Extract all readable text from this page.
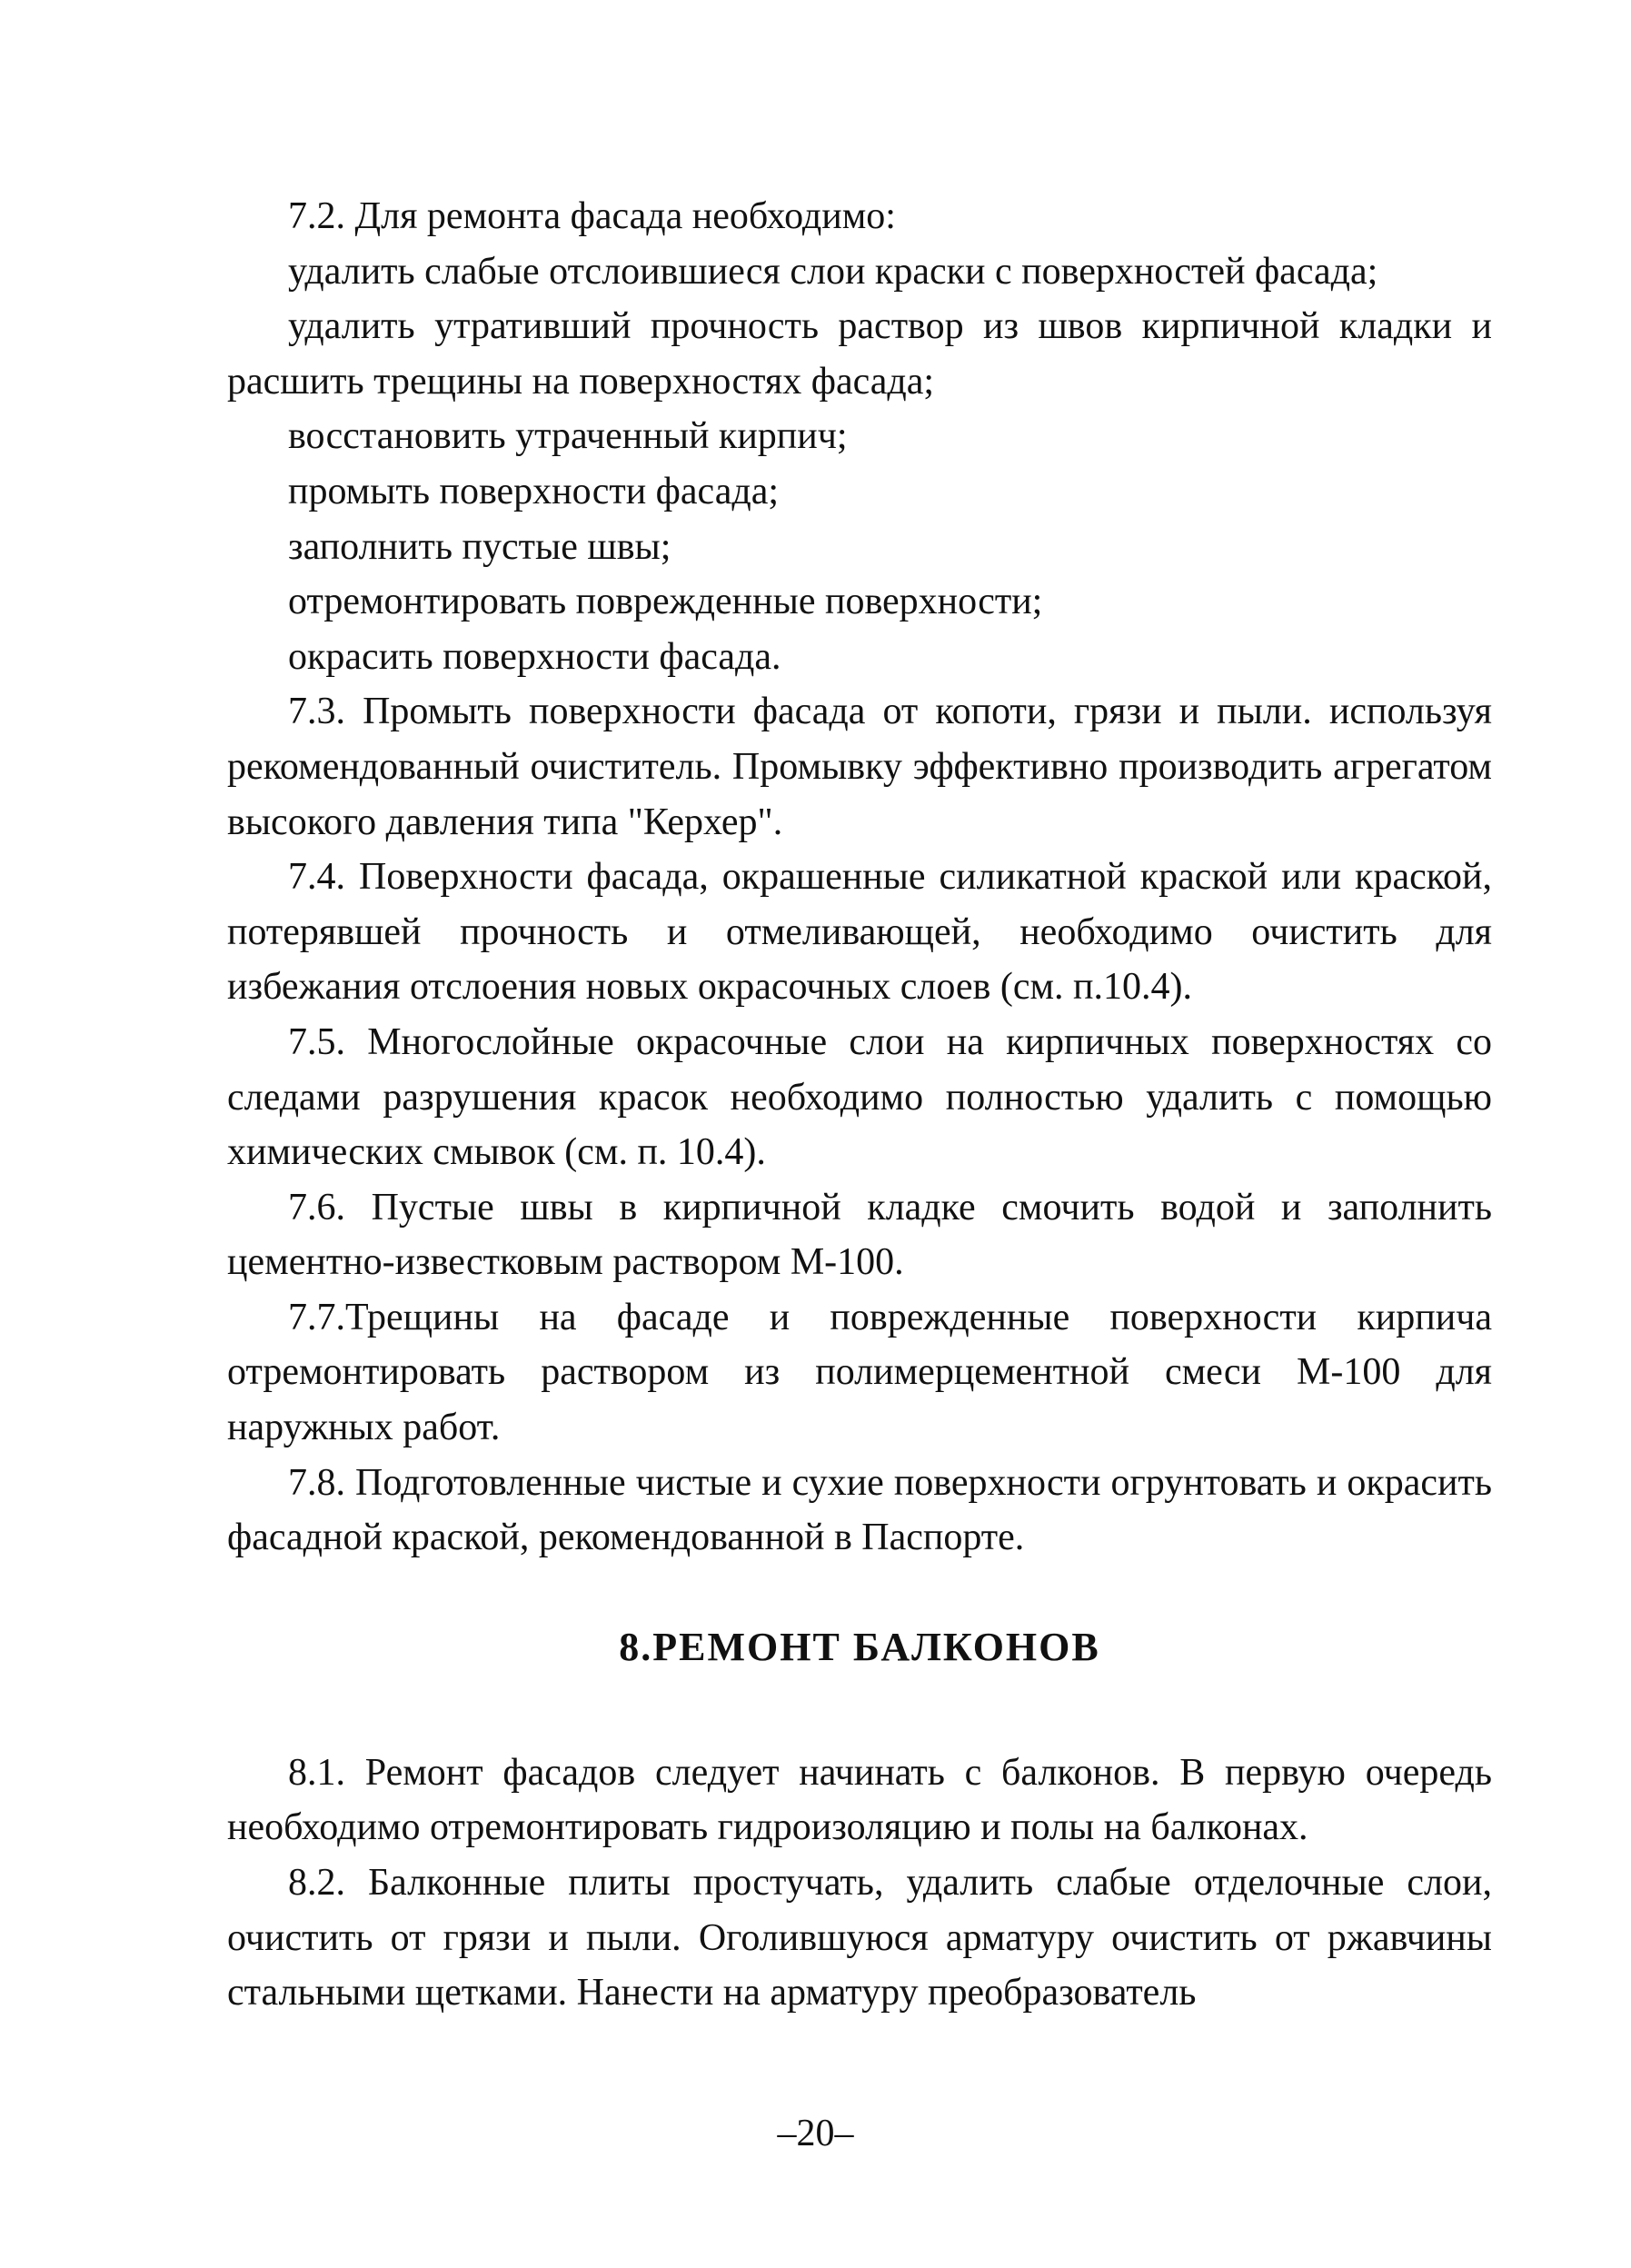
7.2. Для ремонта фасада необходимо:

удалить слабые отслоившиеся слои краски с поверхностей фасада;

удалить утративший прочность раствор из швов кирпичной кладки и расшить трещины на поверхностях фасада;

восстановить утраченный кирпич;

промыть поверхности фасада;

заполнить пустые швы;

отремонтировать поврежденные поверхности;

окрасить поверхности фасада.

7.3. Промыть поверхности фасада от копоти, грязи и пыли. используя рекомендованный очиститель. Промывку эффективно производить агрегатом высокого давления типа "Керхер".

7.4. Поверхности фасада, окрашенные силикатной краской или краской, потерявшей прочность и отмеливающей, необходимо очистить для избежания отслоения новых окрасочных слоев (см. п.10.4).

7.5. Многослойные окрасочные слои на кирпичных поверхностях со следами разрушения красок необходимо полностью удалить с помощью химических смывок (см. п. 10.4).

7.6. Пустые швы в кирпичной кладке смочить водой и заполнить цементно-известковым раствором М-100.

7.7.Трещины на фасаде и поврежденные поверхности кирпича отремонтировать раствором из полимерцементной смеси М-100 для наружных работ.

7.8. Подготовленные чистые и сухие поверхности огрунтовать и окрасить фасадной краской, рекомендованной в Паспорте.

8.РЕМОНТ БАЛКОНОВ

8.1. Ремонт фасадов следует начинать с балконов. В первую очередь необходимо отремонтировать гидроизоляцию и полы на балконах.

8.2. Балконные плиты простучать, удалить слабые отделочные слои, очистить от грязи и пыли. Оголившуюся арматуру очистить от ржавчины стальными щетками. Нанести на арматуру преобразователь

–20–
